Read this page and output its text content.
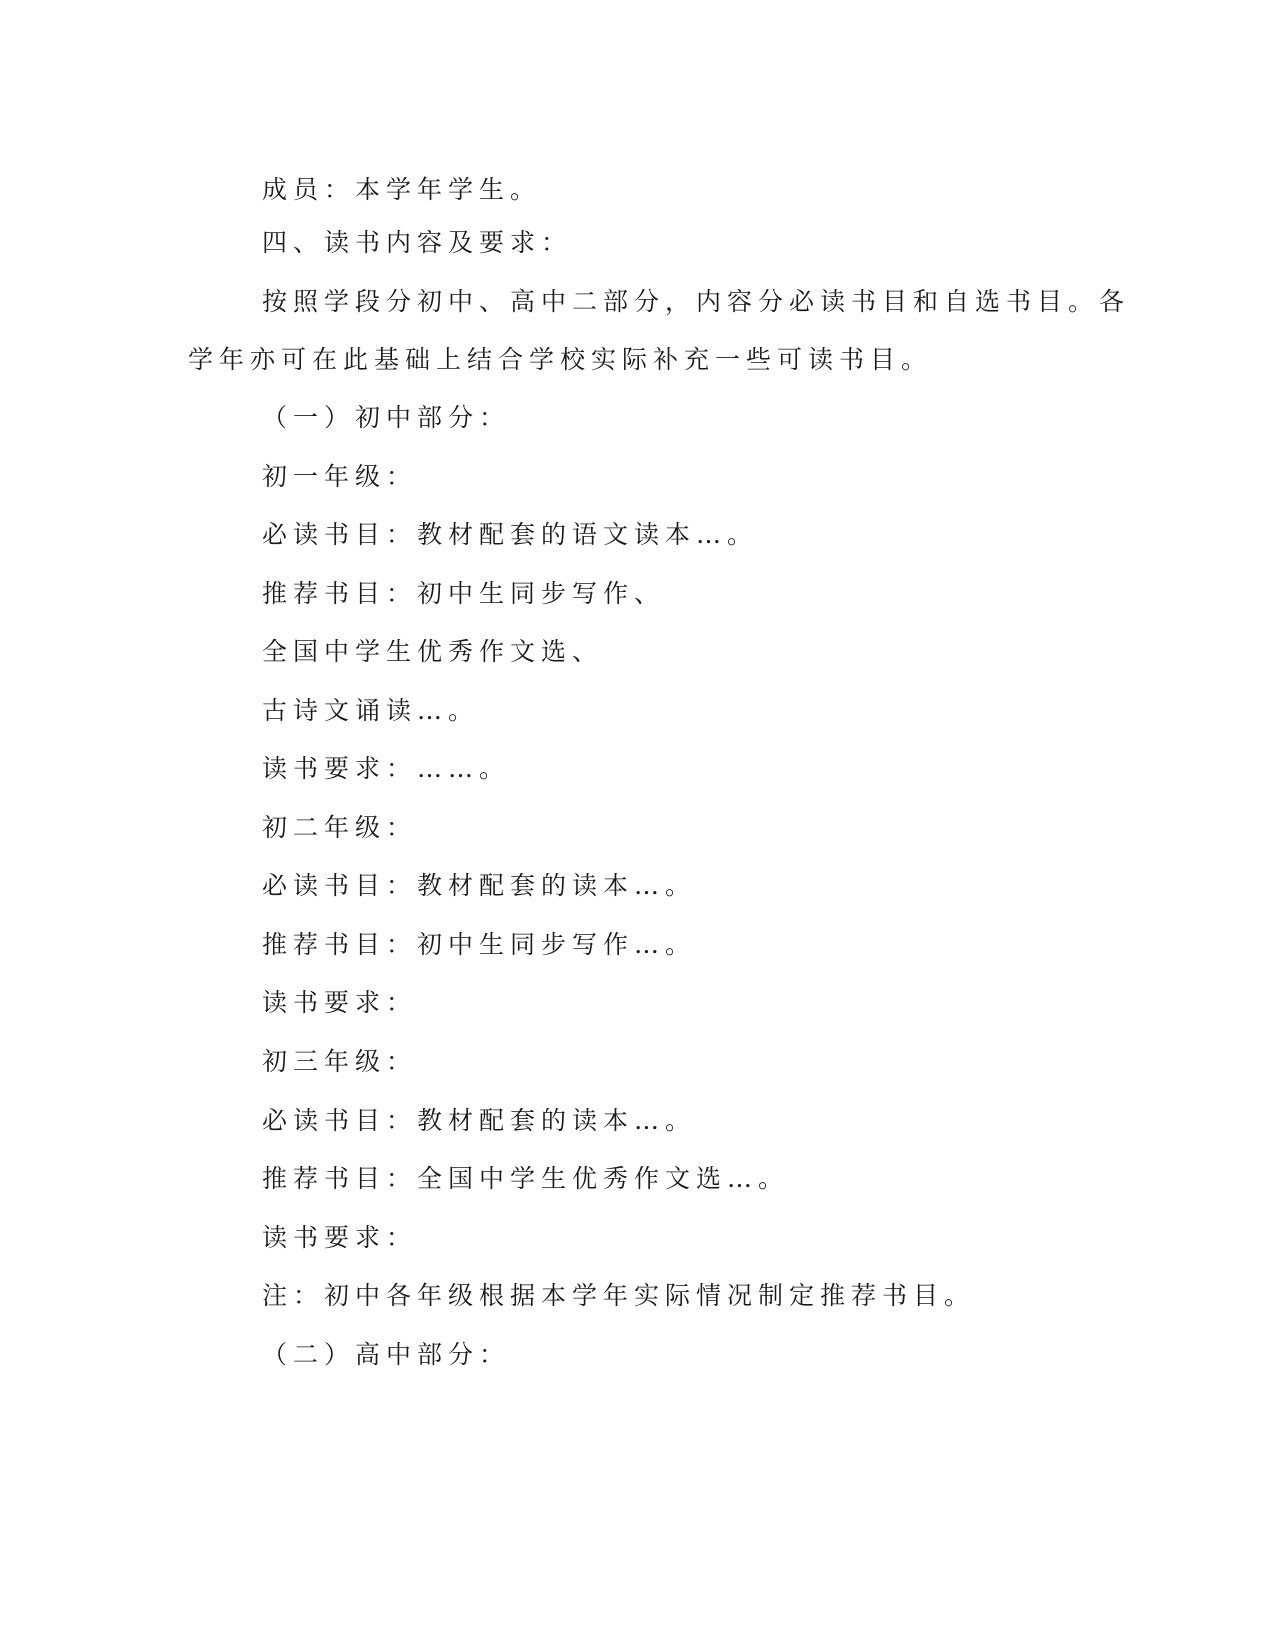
成员：本学年学生。
四、读书内容及要求：
按照学段分初中、高中二部分，内容分必读书目和自选书目。各
学年亦可在此基础上结合学校实际补充一些可读书目。
（一）初中部分：
初一年级：
必读书目：教材配套的语文读本…。
推荐书目：初中生同步写作、
全国中学生优秀作文选、
古诗文诵读…。
读书要求：……。
初二年级：
必读书目：教材配套的读本…。
推荐书目：初中生同步写作…。
读书要求：
初三年级：
必读书目：教材配套的读本…。
推荐书目：全国中学生优秀作文选…。
读书要求：
注：初中各年级根据本学年实际情况制定推荐书目。
（二）高中部分：
